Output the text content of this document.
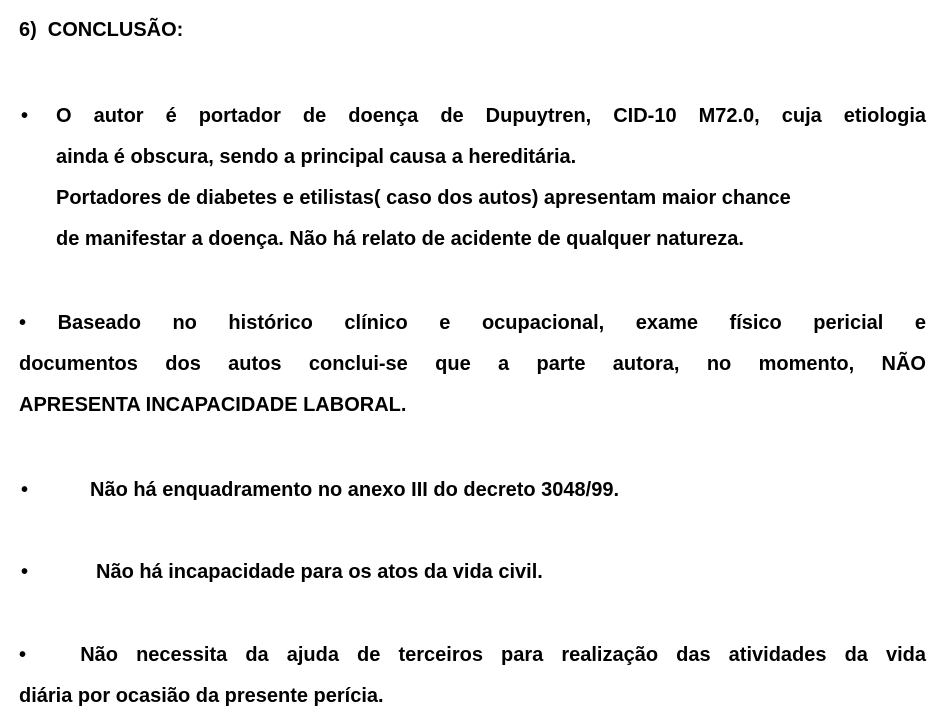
6) CONCLUSÃO:
• O autor é portador de doença de Dupuytren, CID-10 M72.0, cuja etiologia
ainda é obscura, sendo a principal causa a hereditária.
Portadores de diabetes e etilistas( caso dos autos) apresentam maior chance
de manifestar a doença. Não há relato de acidente de qualquer natureza.
• Baseado no histórico clínico e ocupacional, exame físico pericial e
documentos dos autos conclui-se que a parte autora, no momento, NÃO
APRESENTA INCAPACIDADE LABORAL.
•	Não há enquadramento no anexo III do decreto 3048/99.
•	Não há incapacidade para os atos da vida civil.
•	Não necessita da ajuda de terceiros para realização das atividades da vida
diária por ocasião da presente perícia.
